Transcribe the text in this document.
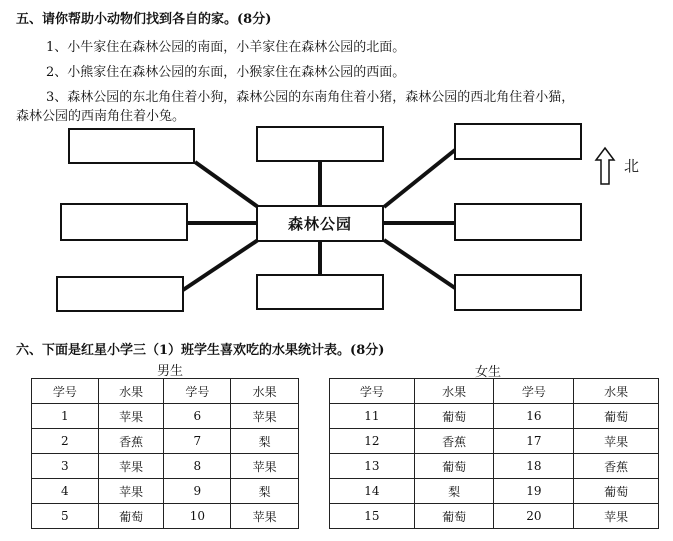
五、请你帮助小动物们找到各自的家。(8分)
1、小牛家住在森林公园的南面，小羊家住在森林公园的北面。
2、小熊家住在森林公园的东面，小猴家住在森林公园的西面。
3、森林公园的东北角住着小狗，森林公园的东南角住着小猪，森林公园的西北角住着小猫，
森林公园的西南角住着小兔。
森林公园
北
六、下面是红星小学三（1）班学生喜欢吃的水果统计表。(8分)
男生	女生
学号	水果	学号	水果
1	苹果	6	苹果
2	香蕉	7	梨
3	苹果	8	苹果
4	苹果	9	梨
5	葡萄	10	苹果
学号	水果	学号	水果
11	葡萄	16	葡萄
12	香蕉	17	苹果
13	葡萄	18	香蕉
14	梨	19	葡萄
15	葡萄	20	苹果
